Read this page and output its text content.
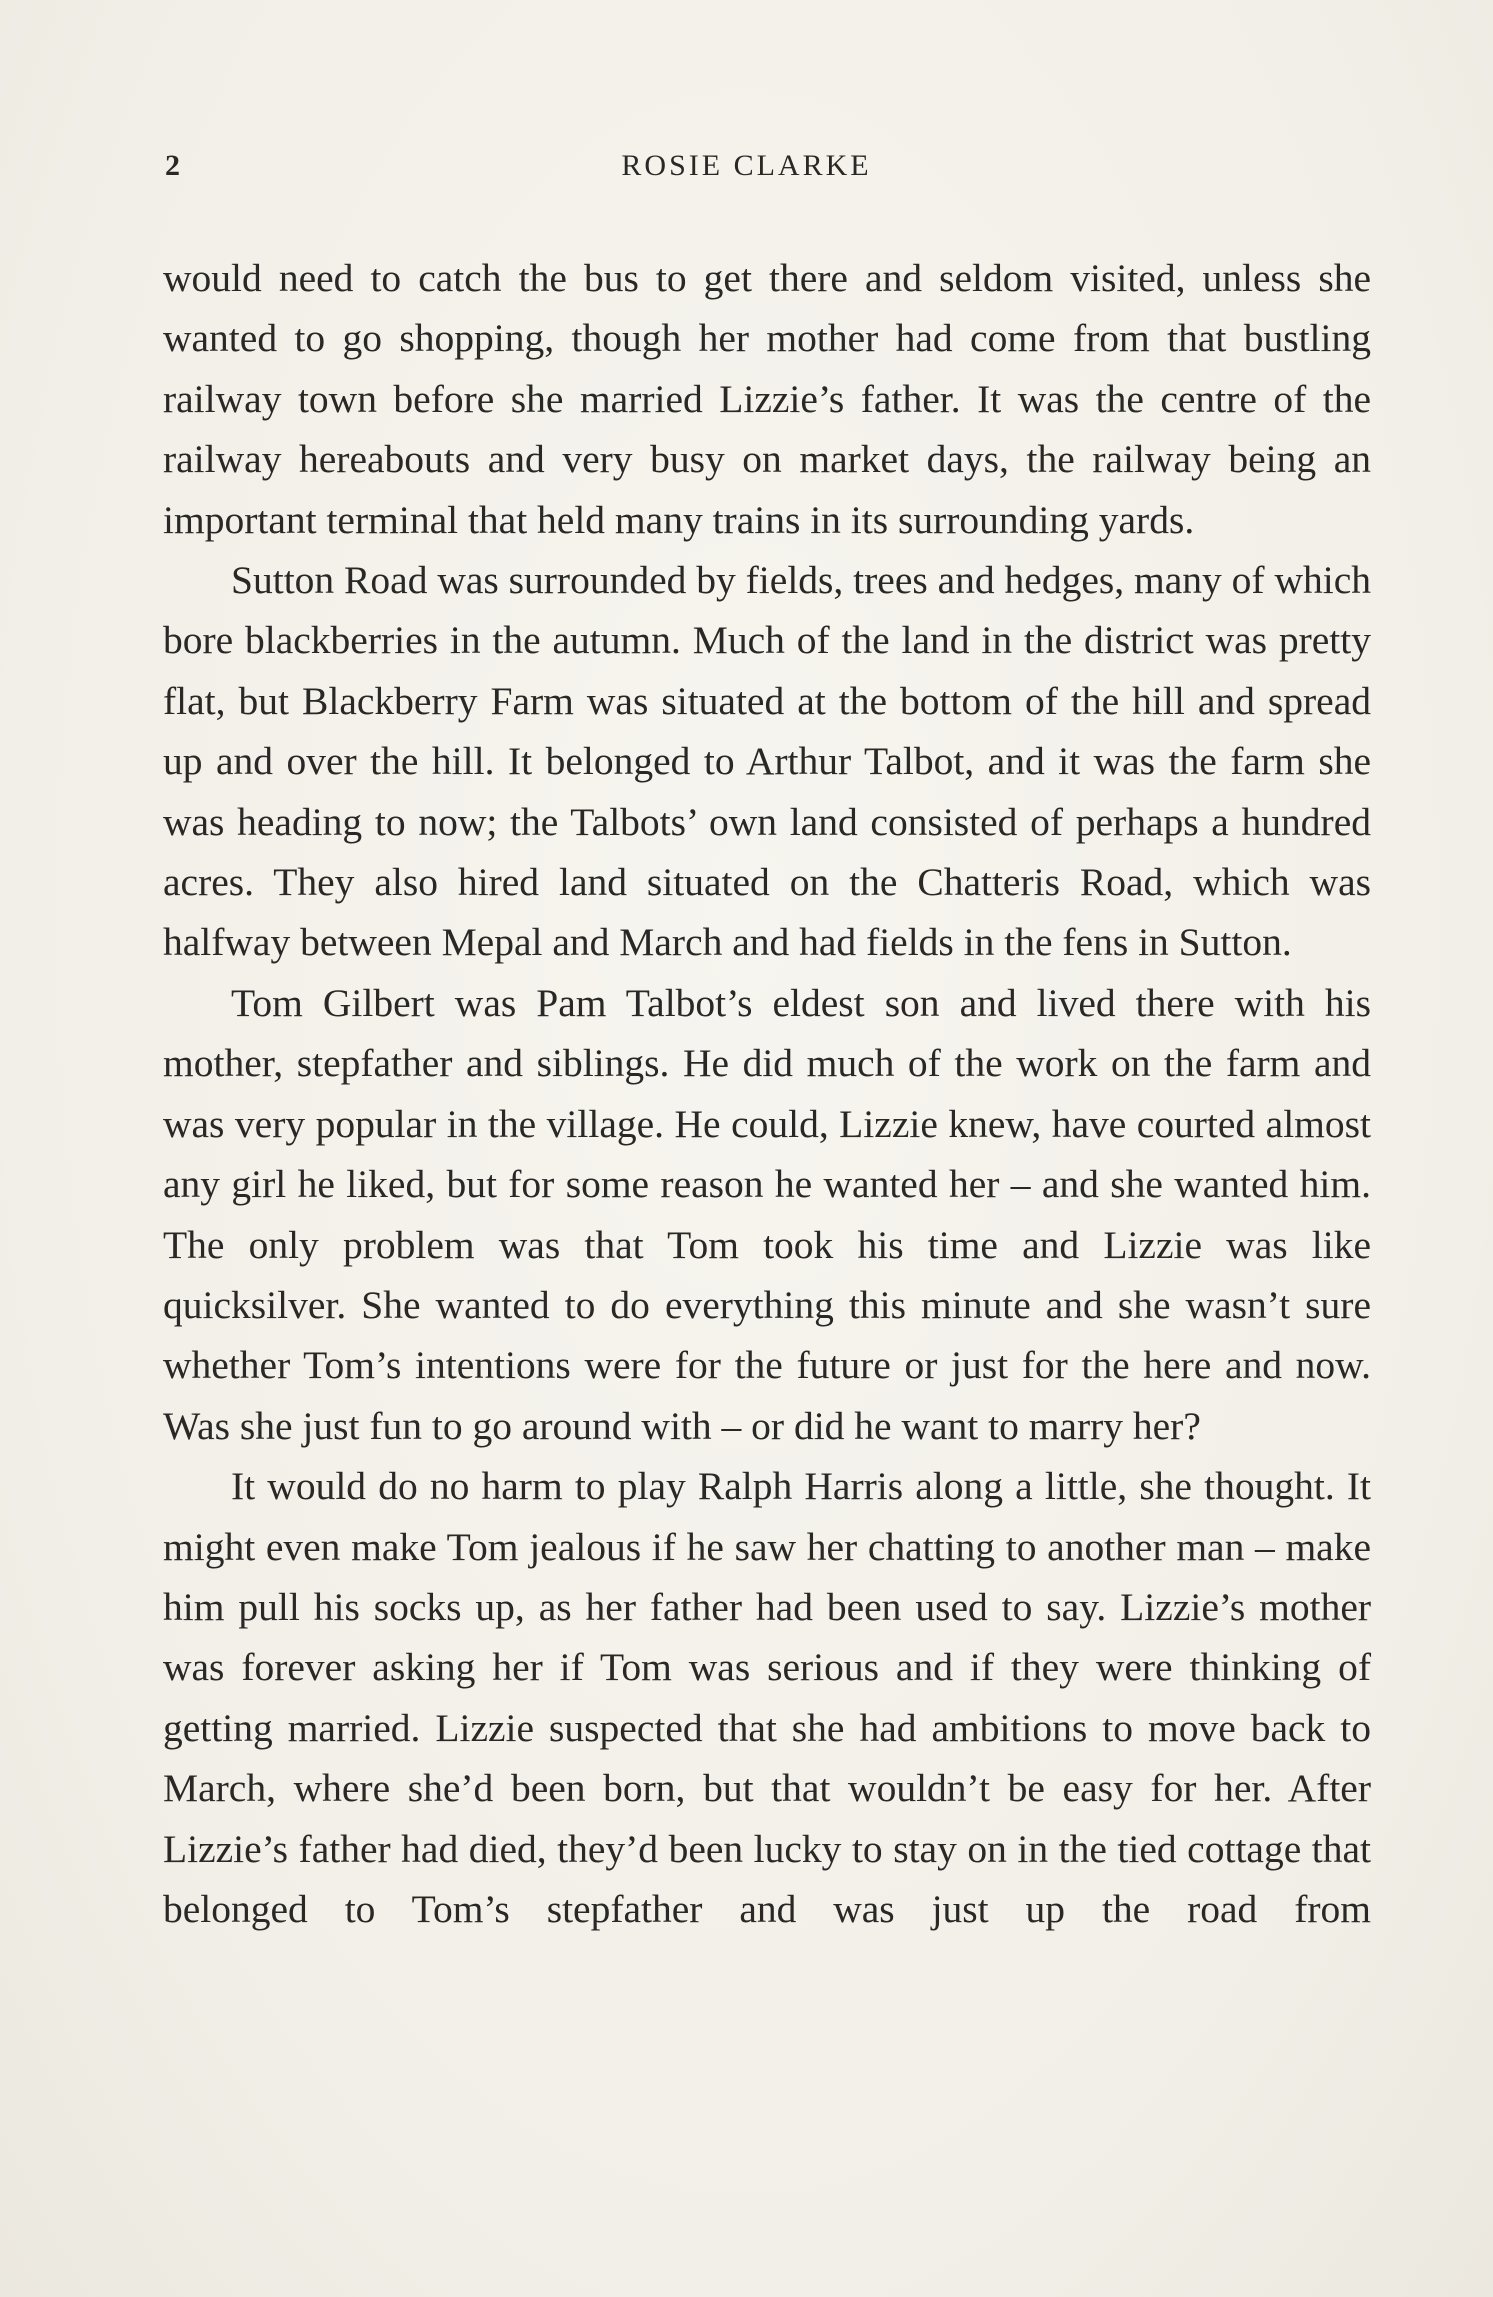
2	ROSIE CLARKE

would need to catch the bus to get there and seldom visited, unless she wanted to go shopping, though her mother had come from that bustling railway town before she married Lizzie’s father. It was the centre of the railway hereabouts and very busy on market days, the railway being an important terminal that held many trains in its surrounding yards.

Sutton Road was surrounded by fields, trees and hedges, many of which bore blackberries in the autumn. Much of the land in the district was pretty flat, but Blackberry Farm was situated at the bottom of the hill and spread up and over the hill. It belonged to Arthur Talbot, and it was the farm she was heading to now; the Talbots’ own land consisted of perhaps a hundred acres. They also hired land situated on the Chatteris Road, which was halfway between Mepal and March and had fields in the fens in Sutton.

Tom Gilbert was Pam Talbot’s eldest son and lived there with his mother, stepfather and siblings. He did much of the work on the farm and was very popular in the village. He could, Lizzie knew, have courted almost any girl he liked, but for some reason he wanted her – and she wanted him. The only problem was that Tom took his time and Lizzie was like quicksilver. She wanted to do everything this minute and she wasn’t sure whether Tom’s intentions were for the future or just for the here and now. Was she just fun to go around with – or did he want to marry her?

It would do no harm to play Ralph Harris along a little, she thought. It might even make Tom jealous if he saw her chatting to another man – make him pull his socks up, as her father had been used to say. Lizzie’s mother was forever asking her if Tom was serious and if they were thinking of getting married. Lizzie suspected that she had ambitions to move back to March, where she’d been born, but that wouldn’t be easy for her. After Lizzie’s father had died, they’d been lucky to stay on in the tied cottage that belonged to Tom’s stepfather and was just up the road from
